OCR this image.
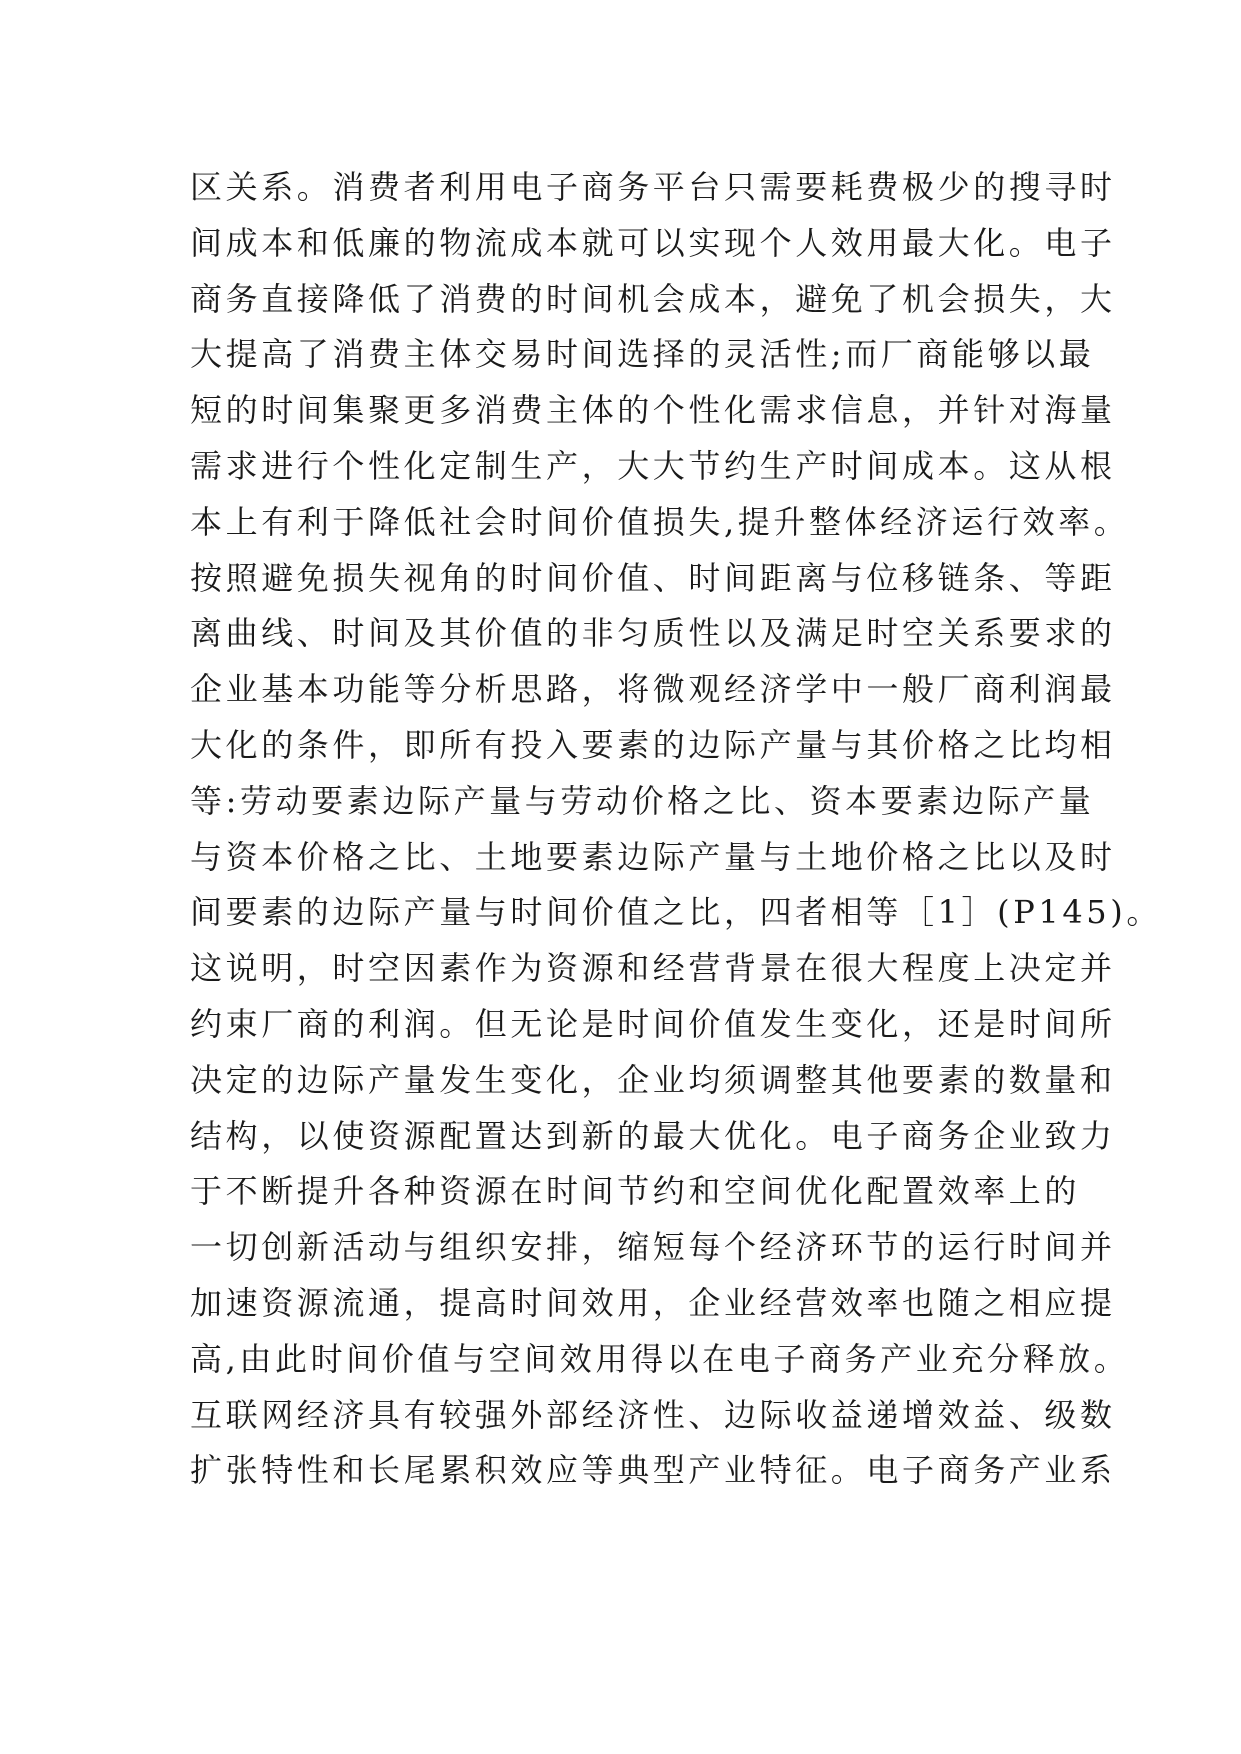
区关系。消费者利用电子商务平台只需要耗费极少的搜寻时
间成本和低廉的物流成本就可以实现个人效用最大化。电子
商务直接降低了消费的时间机会成本，避免了机会损失，大
大提高了消费主体交易时间选择的灵活性;而厂商能够以最
短的时间集聚更多消费主体的个性化需求信息，并针对海量
需求进行个性化定制生产，大大节约生产时间成本。这从根
本上有利于降低社会时间价值损失,提升整体经济运行效率。
按照避免损失视角的时间价值、时间距离与位移链条、等距
离曲线、时间及其价值的非匀质性以及满足时空关系要求的
企业基本功能等分析思路，将微观经济学中一般厂商利润最
大化的条件，即所有投入要素的边际产量与其价格之比均相
等:劳动要素边际产量与劳动价格之比、资本要素边际产量
与资本价格之比、土地要素边际产量与土地价格之比以及时
间要素的边际产量与时间价值之比，四者相等［1］(P145)。
这说明，时空因素作为资源和经营背景在很大程度上决定并
约束厂商的利润。但无论是时间价值发生变化，还是时间所
决定的边际产量发生变化，企业均须调整其他要素的数量和
结构，以使资源配置达到新的最大优化。电子商务企业致力
于不断提升各种资源在时间节约和空间优化配置效率上的
一切创新活动与组织安排，缩短每个经济环节的运行时间并
加速资源流通，提高时间效用，企业经营效率也随之相应提
高,由此时间价值与空间效用得以在电子商务产业充分释放。
互联网经济具有较强外部经济性、边际收益递增效益、级数
扩张特性和长尾累积效应等典型产业特征。电子商务产业系
